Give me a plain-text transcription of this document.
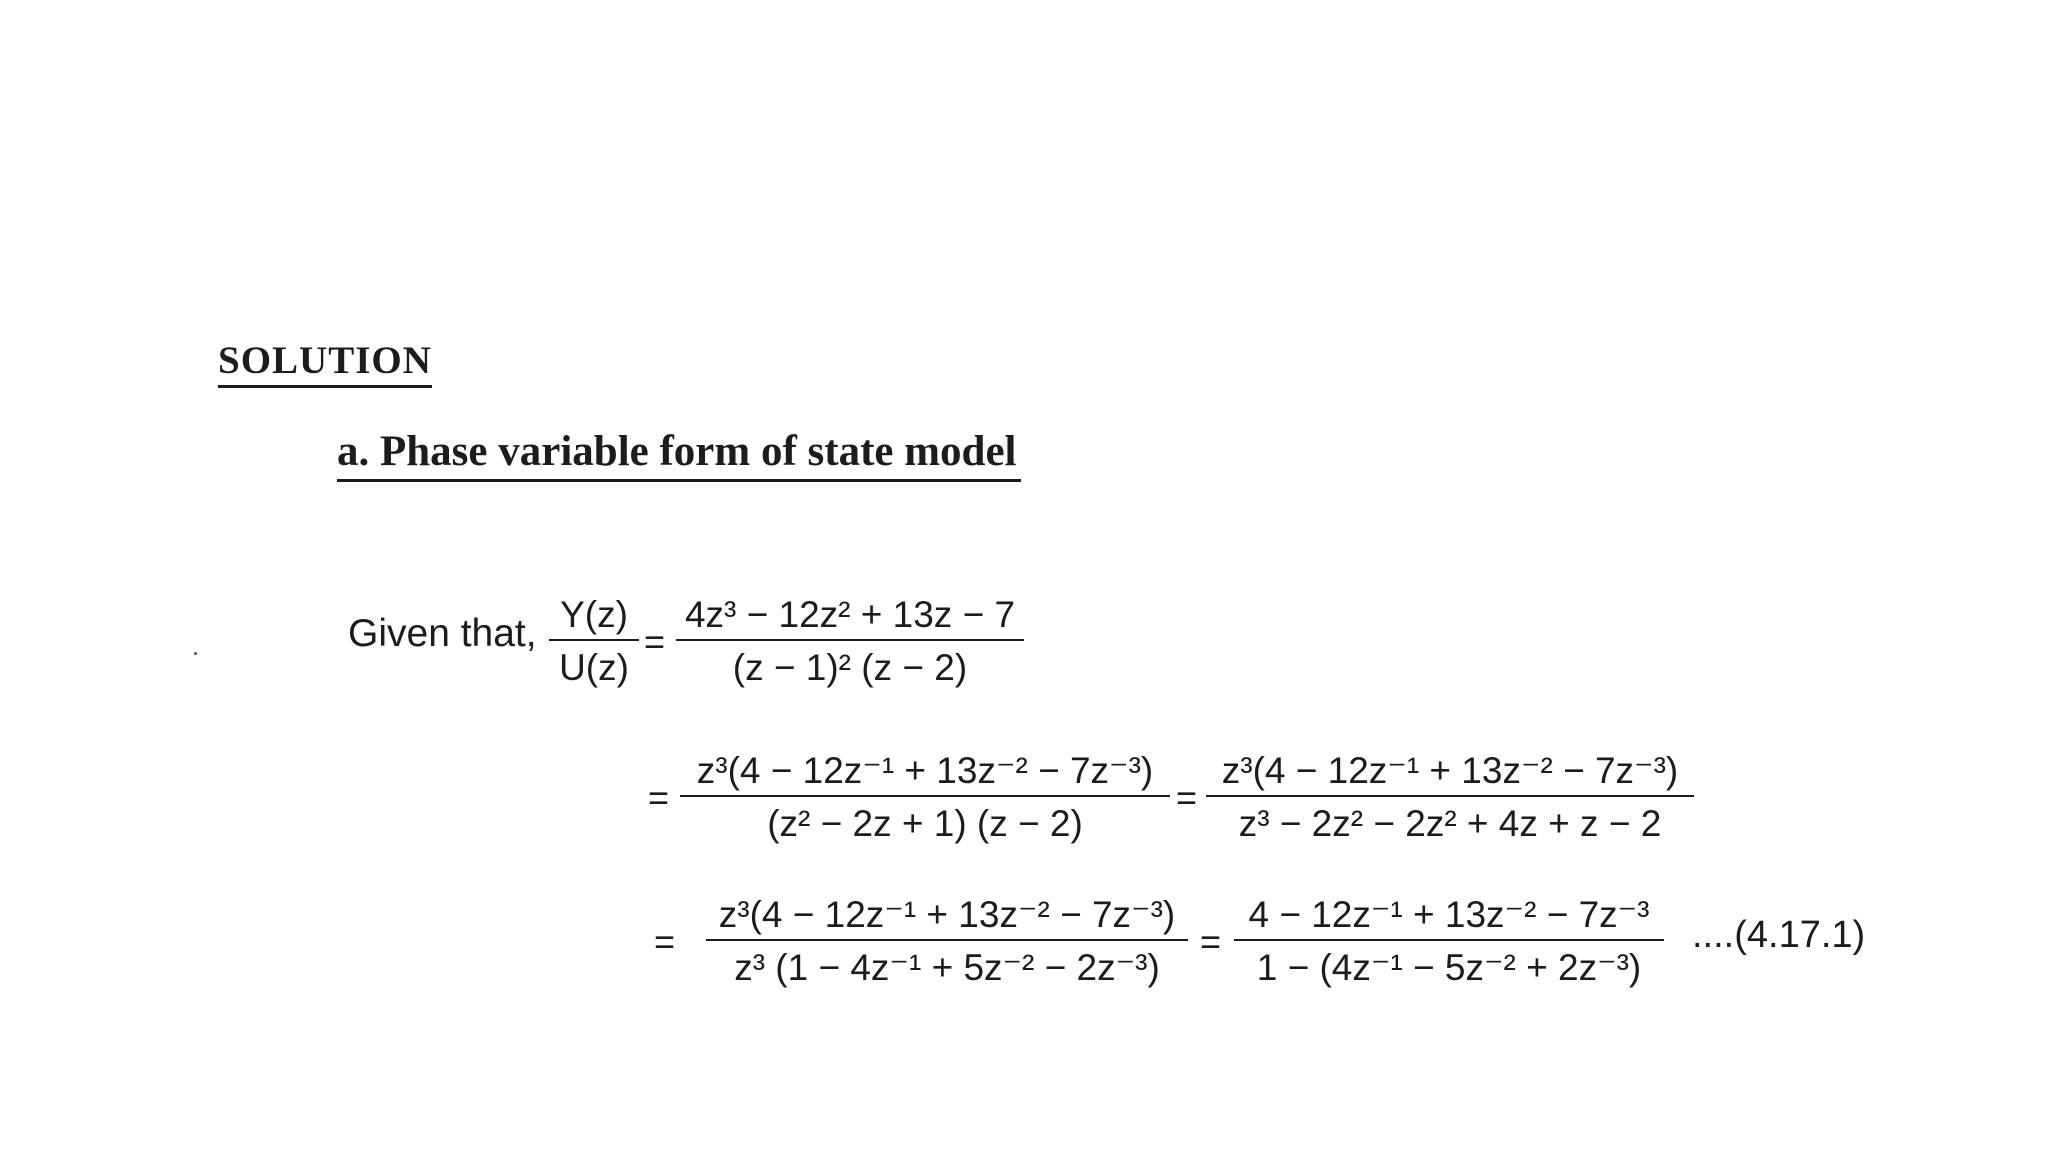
SOLUTION
a. Phase variable form of state model
Given that, Y(z)
U(z)
=
4z³ − 12z² + 13z − 7
(z − 1)² (z − 2)
=
z³(4 − 12z⁻¹ + 13z⁻² − 7z⁻³)
(z² − 2z + 1) (z − 2)
=
z³(4 − 12z⁻¹ + 13z⁻² − 7z⁻³)
z³ − 2z² − 2z² + 4z + z − 2
=
z³(4 − 12z⁻¹ + 13z⁻² − 7z⁻³)
z³ (1 − 4z⁻¹ + 5z⁻² − 2z⁻³)
=
4 − 12z⁻¹ + 13z⁻² − 7z⁻³
1 − (4z⁻¹ − 5z⁻² + 2z⁻³)
....(4.17.1)
